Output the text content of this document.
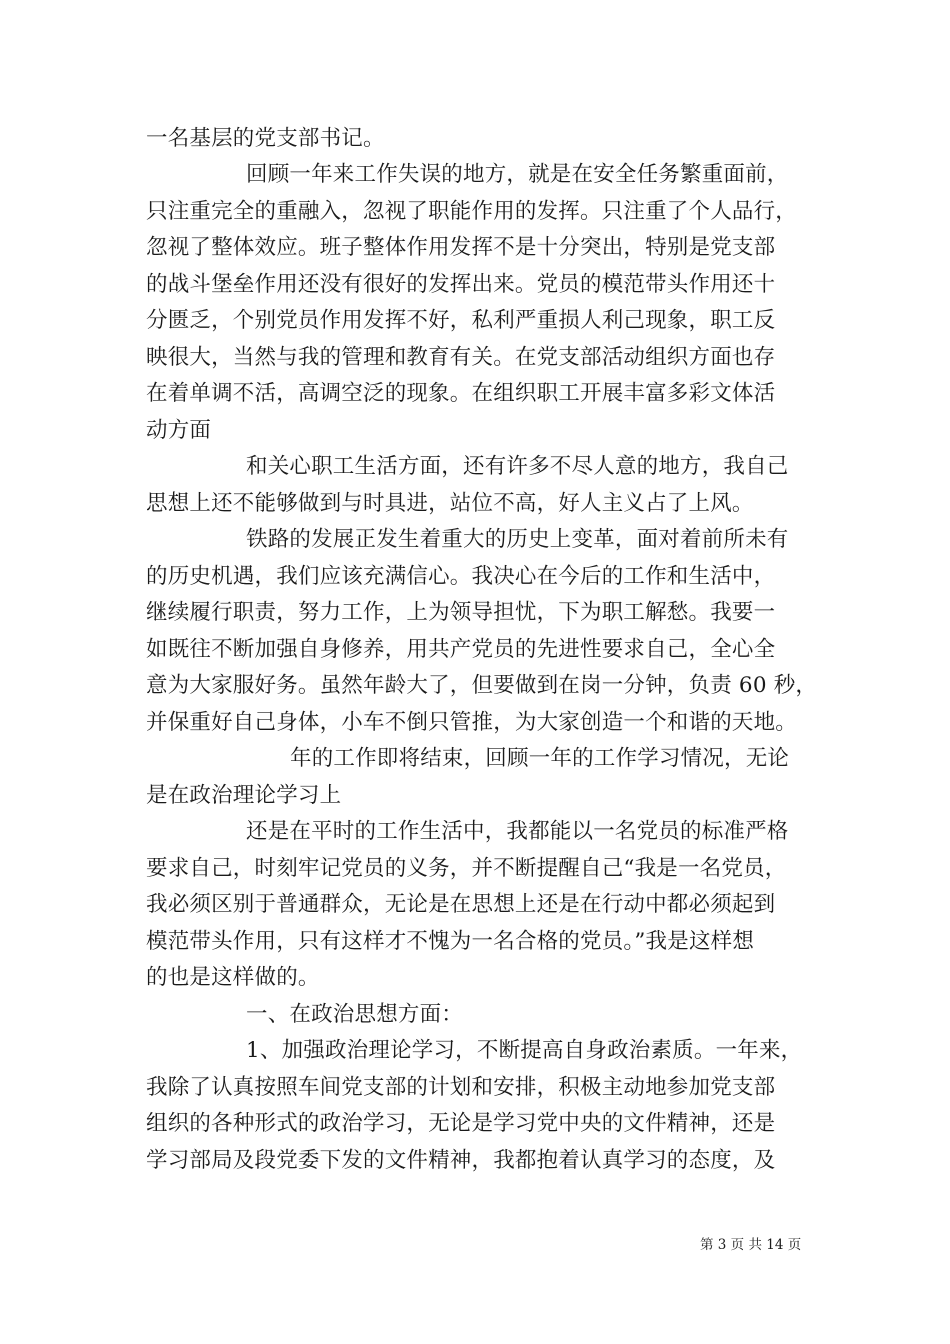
一名基层的党支部书记。
回顾一年来工作失误的地方，就是在安全任务繁重面前，
只注重完全的重融入，忽视了职能作用的发挥。只注重了个人品行，
忽视了整体效应。班子整体作用发挥不是十分突出，特别是党支部
的战斗堡垒作用还没有很好的发挥出来。党员的模范带头作用还十
分匮乏，个别党员作用发挥不好，私利严重损人利己现象，职工反
映很大，当然与我的管理和教育有关。在党支部活动组织方面也存
在着单调不活，高调空泛的现象。在组织职工开展丰富多彩文体活
动方面
和关心职工生活方面，还有许多不尽人意的地方，我自己
思想上还不能够做到与时具进，站位不高，好人主义占了上风。
铁路的发展正发生着重大的历史上变革，面对着前所未有
的历史机遇，我们应该充满信心。我决心在今后的工作和生活中，
继续履行职责，努力工作，上为领导担忧，下为职工解愁。我要一
如既往不断加强自身修养，用共产党员的先进性要求自己，全心全
意为大家服好务。虽然年龄大了，但要做到在岗一分钟，负责 60 秒，
并保重好自己身体，小车不倒只管推，为大家创造一个和谐的天地。
年的工作即将结束，回顾一年的工作学习情况，无论
是在政治理论学习上
还是在平时的工作生活中，我都能以一名党员的标准严格
要求自己，时刻牢记党员的义务，并不断提醒自己“我是一名党员，
我必须区别于普通群众，无论是在思想上还是在行动中都必须起到
模范带头作用，只有这样才不愧为一名合格的党员。”我是这样想
的也是这样做的。
一、在政治思想方面：
1、加强政治理论学习，不断提高自身政治素质。一年来，
我除了认真按照车间党支部的计划和安排，积极主动地参加党支部
组织的各种形式的政治学习，无论是学习党中央的文件精神，还是
学习部局及段党委下发的文件精神，我都抱着认真学习的态度，及
第 3 页 共 14 页
